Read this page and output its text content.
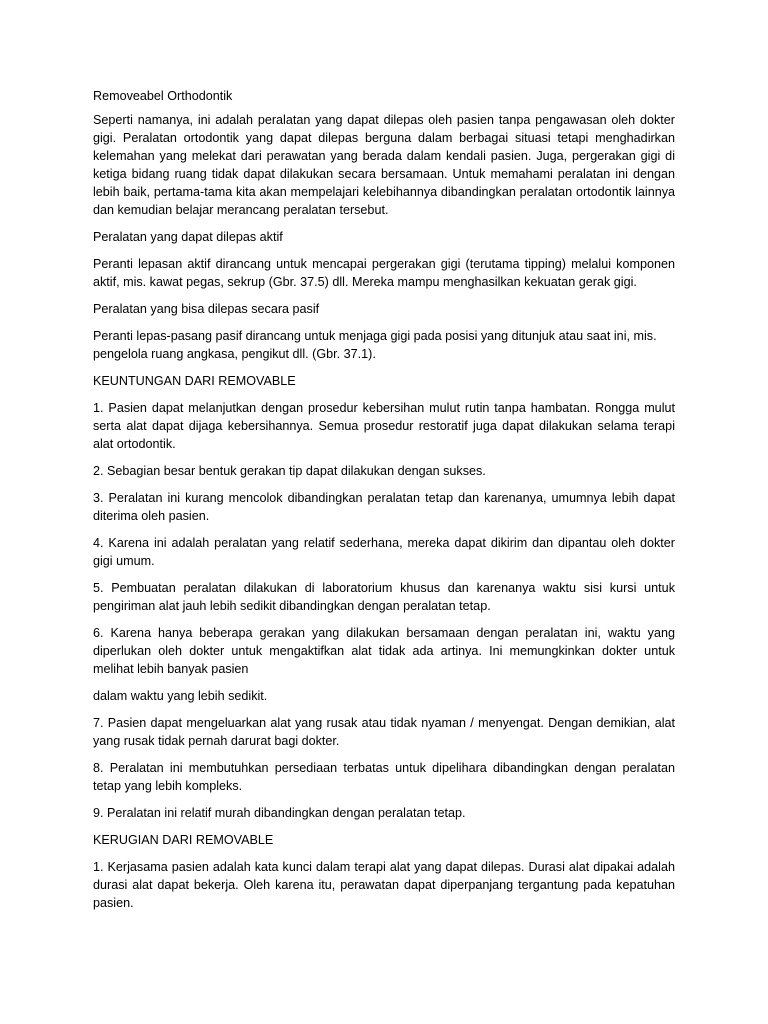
Removeabel Orthodontik

Seperti namanya, ini adalah peralatan yang dapat dilepas oleh pasien tanpa pengawasan oleh dokter gigi. Peralatan ortodontik yang dapat dilepas berguna dalam berbagai situasi tetapi menghadirkan kelemahan yang melekat dari perawatan yang berada dalam kendali pasien. Juga, pergerakan gigi di ketiga bidang ruang tidak dapat dilakukan secara bersamaan. Untuk memahami peralatan ini dengan lebih baik, pertama-tama kita akan mempelajari kelebihannya dibandingkan peralatan ortodontik lainnya dan kemudian belajar merancang peralatan tersebut.

Peralatan yang dapat dilepas aktif

Peranti lepasan aktif dirancang untuk mencapai pergerakan gigi (terutama tipping) melalui komponen aktif, mis. kawat pegas, sekrup (Gbr. 37.5) dll. Mereka mampu menghasilkan kekuatan gerak gigi.

Peralatan yang bisa dilepas secara pasif

Peranti lepas-pasang pasif dirancang untuk menjaga gigi pada posisi yang ditunjuk atau saat ini, mis. pengelola ruang angkasa, pengikut dll. (Gbr. 37.1).

KEUNTUNGAN DARI REMOVABLE

1. Pasien dapat melanjutkan dengan prosedur kebersihan mulut rutin tanpa hambatan. Rongga mulut serta alat dapat dijaga kebersihannya. Semua prosedur restoratif juga dapat dilakukan selama terapi alat ortodontik.

2. Sebagian besar bentuk gerakan tip dapat dilakukan dengan sukses.

3. Peralatan ini kurang mencolok dibandingkan peralatan tetap dan karenanya, umumnya lebih dapat diterima oleh pasien.

4. Karena ini adalah peralatan yang relatif sederhana, mereka dapat dikirim dan dipantau oleh dokter gigi umum.

5. Pembuatan peralatan dilakukan di laboratorium khusus dan karenanya waktu sisi kursi untuk pengiriman alat jauh lebih sedikit dibandingkan dengan peralatan tetap.

6. Karena hanya beberapa gerakan yang dilakukan bersamaan dengan peralatan ini, waktu yang diperlukan oleh dokter untuk mengaktifkan alat tidak ada artinya. Ini memungkinkan dokter untuk melihat lebih banyak pasien

dalam waktu yang lebih sedikit.

7. Pasien dapat mengeluarkan alat yang rusak atau tidak nyaman / menyengat. Dengan demikian, alat yang rusak tidak pernah darurat bagi dokter.

8. Peralatan ini membutuhkan persediaan terbatas untuk dipelihara dibandingkan dengan peralatan tetap yang lebih kompleks.

9. Peralatan ini relatif murah dibandingkan dengan peralatan tetap.

KERUGIAN DARI REMOVABLE

1. Kerjasama pasien adalah kata kunci dalam terapi alat yang dapat dilepas. Durasi alat dipakai adalah durasi alat dapat bekerja. Oleh karena itu, perawatan dapat diperpanjang tergantung pada kepatuhan pasien.
